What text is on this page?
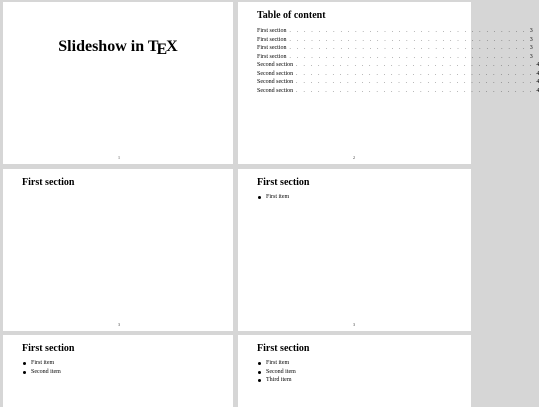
Slideshow in TEX
1
Table of content
First section . . . . . . . . . . . . . . . . . . . . . . . . . . . . . . . . . 3
First section . . . . . . . . . . . . . . . . . . . . . . . . . . . . . . . . . 3
First section . . . . . . . . . . . . . . . . . . . . . . . . . . . . . . . . . 3
First section . . . . . . . . . . . . . . . . . . . . . . . . . . . . . . . . . 3
Second section . . . . . . . . . . . . . . . . . . . . . . . . . . . . . . . . . 4
Second section . . . . . . . . . . . . . . . . . . . . . . . . . . . . . . . . . 4
Second section . . . . . . . . . . . . . . . . . . . . . . . . . . . . . . . . . 4
Second section . . . . . . . . . . . . . . . . . . . . . . . . . . . . . . . . . 4
2
First section
3
First section
First item
3
First section
First item
Second item
First section
First item
Second item
Third item
